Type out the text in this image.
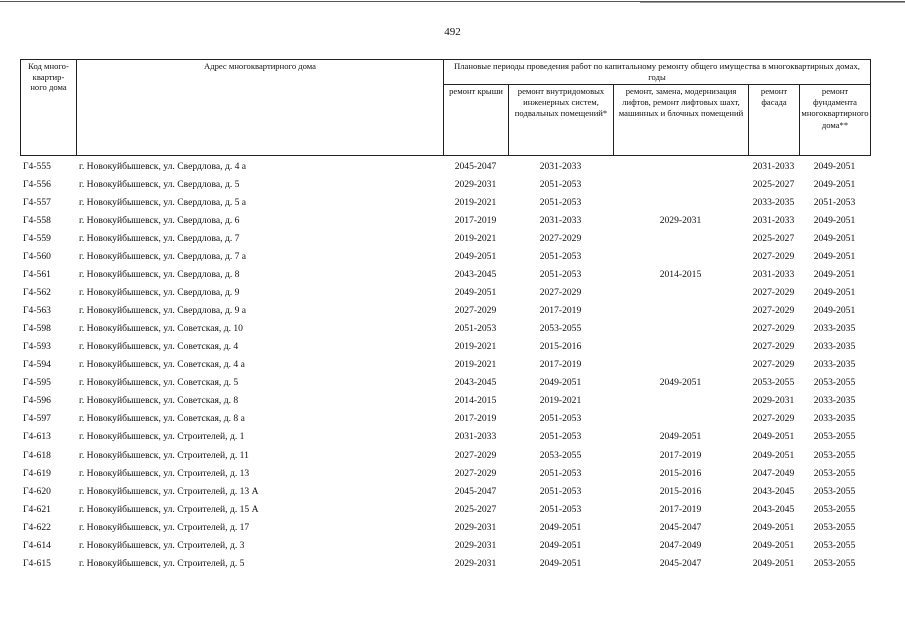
492
Код много-
квартир-
ного дома	Адрес многоквартирного дома	Плановые периоды проведения работ по капитальному ремонту общего имущества в многоквартирных домах, годы				
		ремонт крыши	ремонт внутридомовых инженерных систем, подвальных помещений*	ремонт, замена, модернизация лифтов, ремонт лифтовых шахт, машинных и блочных помещений	ремонт фасада	ремонт фундамента многоквартирного дома**
Г4-555	г. Новокуйбышевск, ул. Свердлова, д. 4 а	2045-2047	2031-2033		2031-2033	2049-2051
Г4-556	г. Новокуйбышевск, ул. Свердлова, д. 5	2029-2031	2051-2053		2025-2027	2049-2051
Г4-557	г. Новокуйбышевск, ул. Свердлова, д. 5 а	2019-2021	2051-2053		2033-2035	2051-2053
Г4-558	г. Новокуйбышевск, ул. Свердлова, д. 6	2017-2019	2031-2033	2029-2031	2031-2033	2049-2051
Г4-559	г. Новокуйбышевск, ул. Свердлова, д. 7	2019-2021	2027-2029		2025-2027	2049-2051
Г4-560	г. Новокуйбышевск, ул. Свердлова, д. 7 а	2049-2051	2051-2053		2027-2029	2049-2051
Г4-561	г. Новокуйбышевск, ул. Свердлова, д. 8	2043-2045	2051-2053	2014-2015	2031-2033	2049-2051
Г4-562	г. Новокуйбышевск, ул. Свердлова, д. 9	2049-2051	2027-2029		2027-2029	2049-2051
Г4-563	г. Новокуйбышевск, ул. Свердлова, д. 9 а	2027-2029	2017-2019		2027-2029	2049-2051
Г4-598	г. Новокуйбышевск, ул. Советская, д. 10	2051-2053	2053-2055		2027-2029	2033-2035
Г4-593	г. Новокуйбышевск, ул. Советская, д. 4	2019-2021	2015-2016		2027-2029	2033-2035
Г4-594	г. Новокуйбышевск, ул. Советская, д. 4 а	2019-2021	2017-2019		2027-2029	2033-2035
Г4-595	г. Новокуйбышевск, ул. Советская, д. 5	2043-2045	2049-2051	2049-2051	2053-2055	2053-2055
Г4-596	г. Новокуйбышевск, ул. Советская, д. 8	2014-2015	2019-2021		2029-2031	2033-2035
Г4-597	г. Новокуйбышевск, ул. Советская, д. 8 а	2017-2019	2051-2053		2027-2029	2033-2035
Г4-613	г. Новокуйбышевск, ул. Строителей, д. 1	2031-2033	2051-2053	2049-2051	2049-2051	2053-2055
Г4-618	г. Новокуйбышевск, ул. Строителей, д. 11	2027-2029	2053-2055	2017-2019	2049-2051	2053-2055
Г4-619	г. Новокуйбышевск, ул. Строителей, д. 13	2027-2029	2051-2053	2015-2016	2047-2049	2053-2055
Г4-620	г. Новокуйбышевск, ул. Строителей, д. 13 А	2045-2047	2051-2053	2015-2016	2043-2045	2053-2055
Г4-621	г. Новокуйбышевск, ул. Строителей, д. 15 А	2025-2027	2051-2053	2017-2019	2043-2045	2053-2055
Г4-622	г. Новокуйбышевск, ул. Строителей, д. 17	2029-2031	2049-2051	2045-2047	2049-2051	2053-2055
Г4-614	г. Новокуйбышевск, ул. Строителей, д. 3	2029-2031	2049-2051	2047-2049	2049-2051	2053-2055
Г4-615	г. Новокуйбышевск, ул. Строителей, д. 5	2029-2031	2049-2051	2045-2047	2049-2051	2053-2055
